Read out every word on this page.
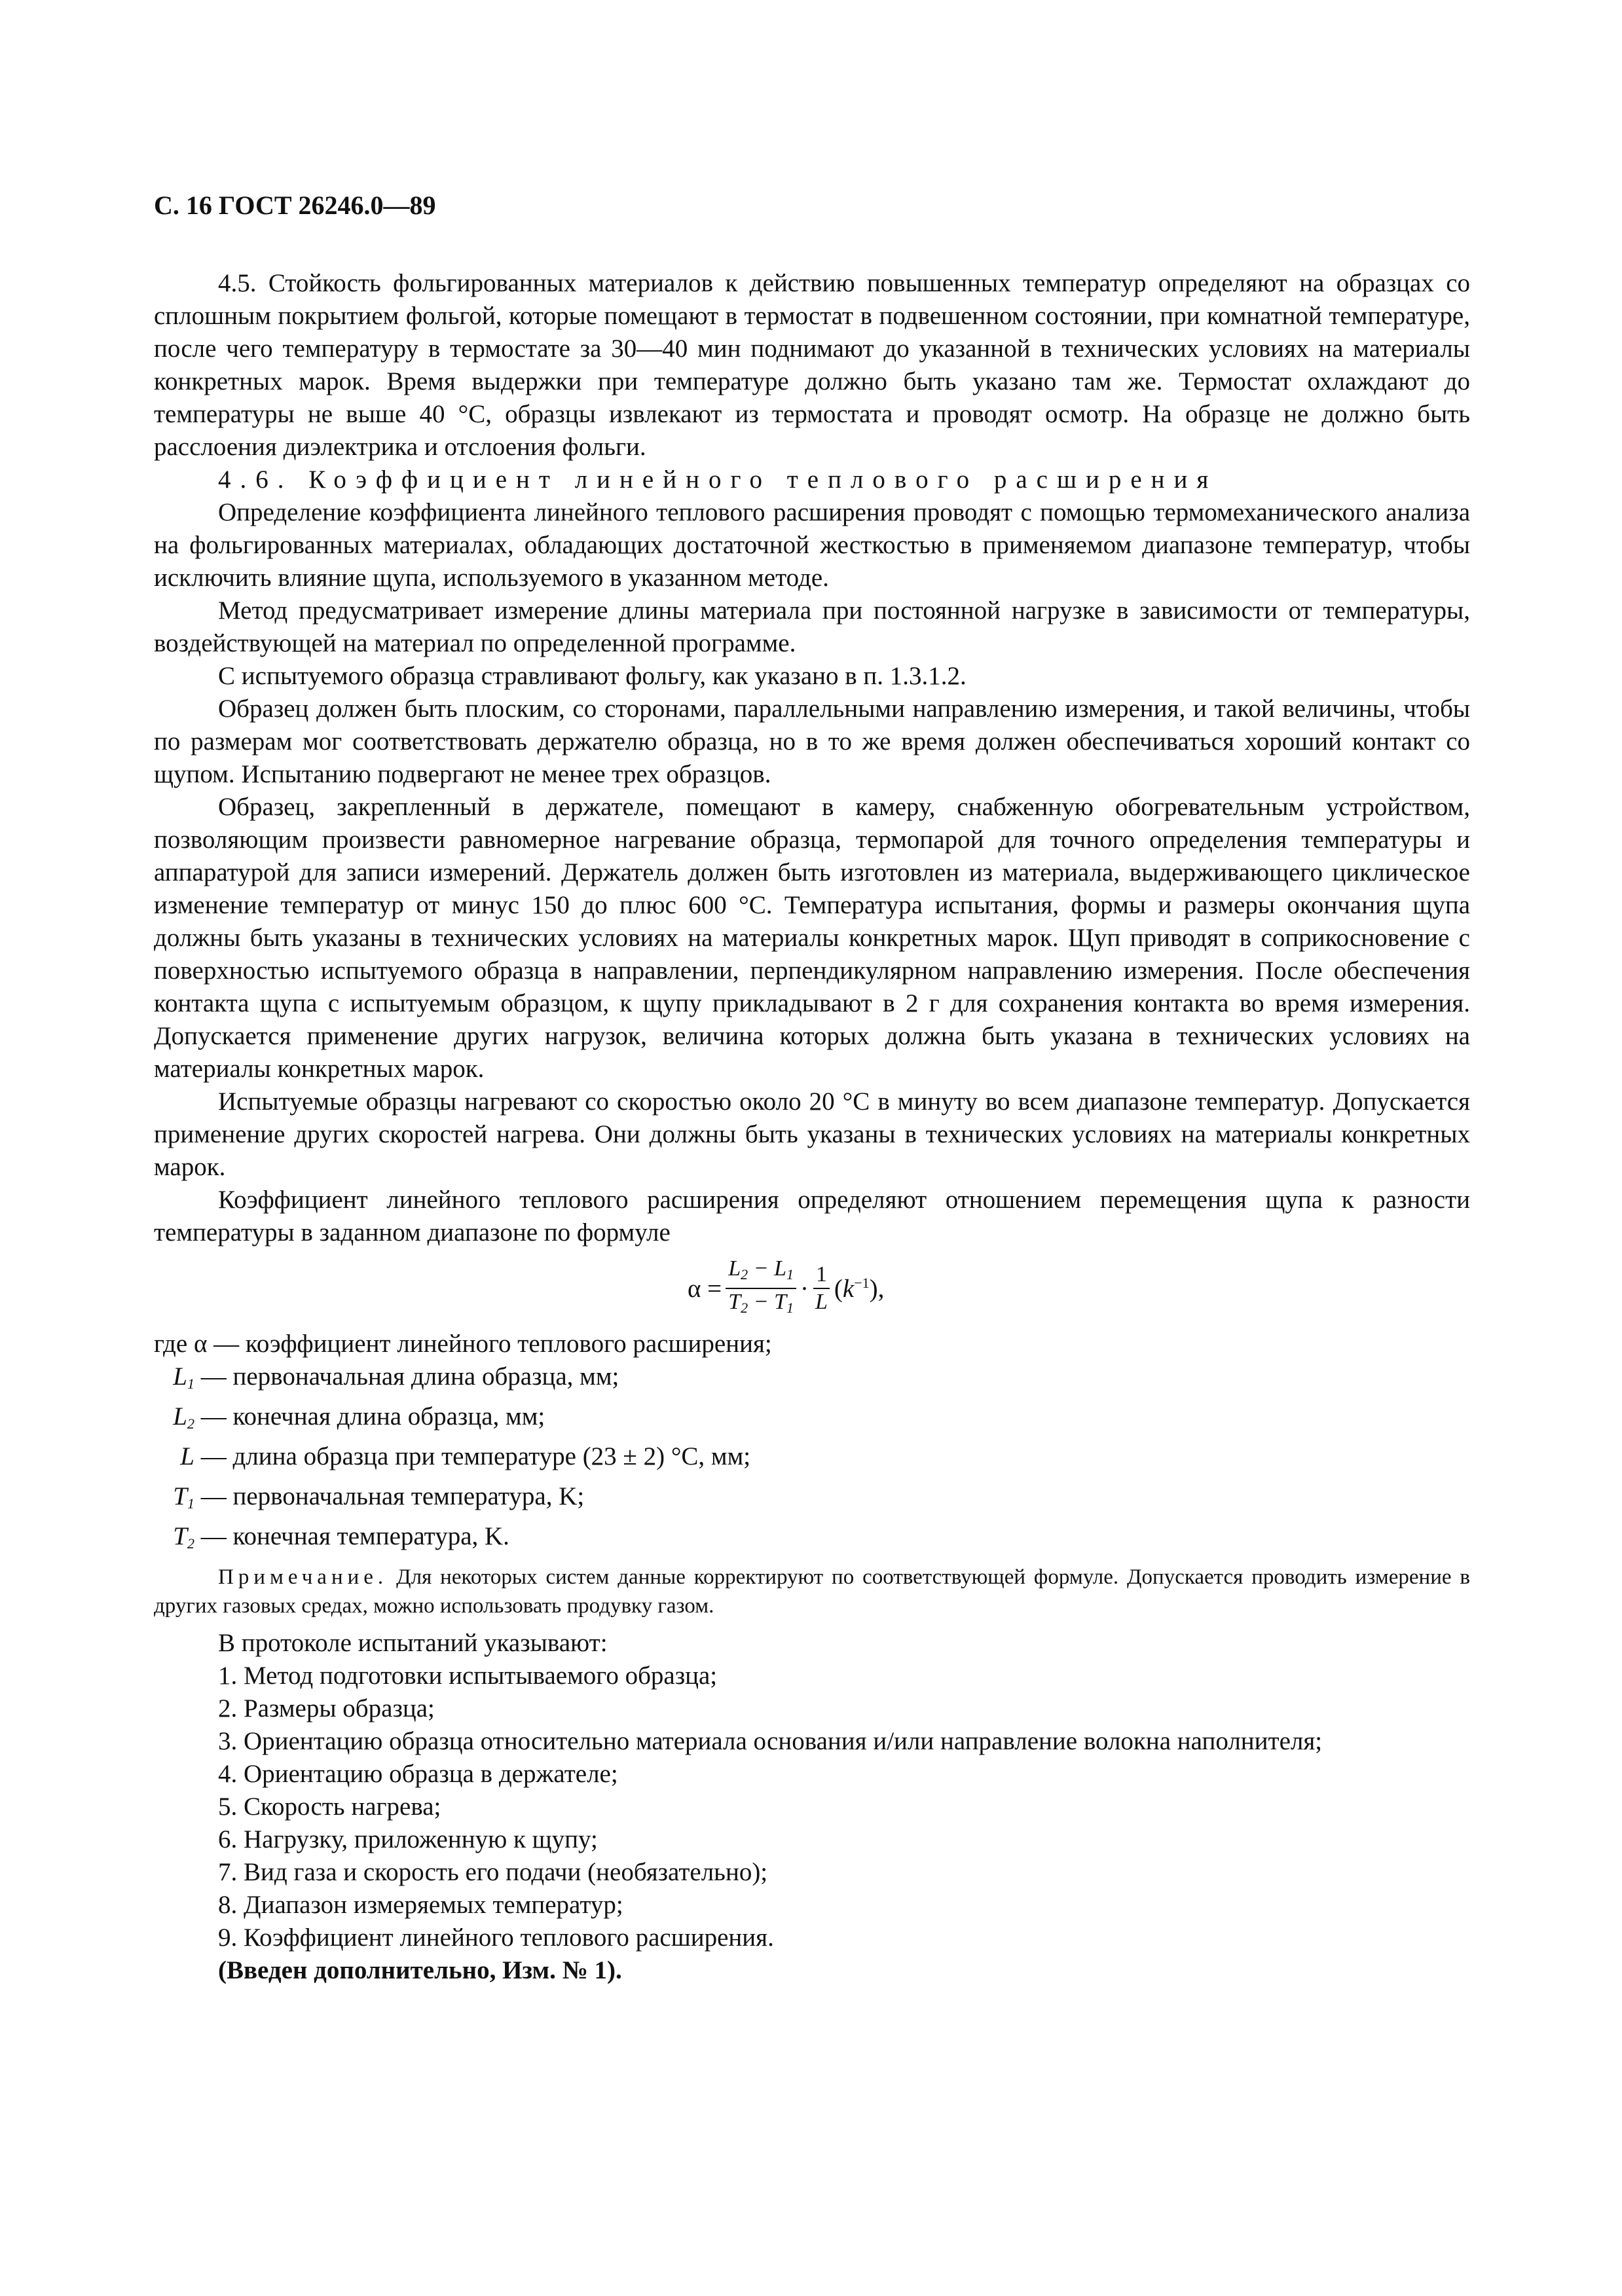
С. 16 ГОСТ 26246.0—89

4.5. Стойкость фольгированных материалов к действию повышенных температур определяют на образцах со сплошным покрытием фольгой, которые помещают в термостат в подвешенном состоянии, при комнатной температуре, после чего температуру в термостате за 30—40 мин поднимают до указанной в технических условиях на материалы конкретных марок. Время выдержки при температуре должно быть указано там же. Термостат охлаждают до температуры не выше 40 °С, образцы извлекают из термостата и проводят осмотр. На образце не должно быть расслоения диэлектрика и отслоения фольги.

4.6. Коэффициент линейного теплового расширения

Определение коэффициента линейного теплового расширения проводят с помощью термомеханического анализа на фольгированных материалах, обладающих достаточной жесткостью в применяемом диапазоне температур, чтобы исключить влияние щупа, используемого в указанном методе.

Метод предусматривает измерение длины материала при постоянной нагрузке в зависимости от температуры, воздействующей на материал по определенной программе.

С испытуемого образца стравливают фольгу, как указано в п. 1.3.1.2.

Образец должен быть плоским, со сторонами, параллельными направлению измерения, и такой величины, чтобы по размерам мог соответствовать держателю образца, но в то же время должен обеспечиваться хороший контакт со щупом. Испытанию подвергают не менее трех образцов.

Образец, закрепленный в держателе, помещают в камеру, снабженную обогревательным устройством, позволяющим произвести равномерное нагревание образца, термопарой для точного определения температуры и аппаратурой для записи измерений. Держатель должен быть изготовлен из материала, выдерживающего циклическое изменение температур от минус 150 до плюс 600 °С. Температура испытания, формы и размеры окончания щупа должны быть указаны в технических условиях на материалы конкретных марок. Щуп приводят в соприкосновение с поверхностью испытуемого образца в направлении, перпендикулярном направлению измерения. После обеспечения контакта щупа с испытуемым образцом, к щупу прикладывают в 2 г для сохранения контакта во время измерения. Допускается применение других нагрузок, величина которых должна быть указана в технических условиях на материалы конкретных марок.

Испытуемые образцы нагревают со скоростью около 20 °С в минуту во всем диапазоне температур. Допускается применение других скоростей нагрева. Они должны быть указаны в технических условиях на материалы конкретных марок.

Коэффициент линейного теплового расширения определяют отношением перемещения щупа к разности температуры в заданном диапазоне по формуле

$\alpha = \frac{L_2 - L_1}{T_2 - T_1} \cdot \frac{1}{L} (k^{-1})$,
где α — коэффициент линейного теплового расширения;
$L_1$ — первоначальная длина образца, мм;
$L_2$ — конечная длина образца, мм;
L — длина образца при температуре (23 ± 2) °С, мм;
$T_1$ — первоначальная температура, K;
$T_2$ — конечная температура, K.
Примечание. Для некоторых систем данные корректируют по соответствующей формуле. Допускается проводить измерение в других газовых средах, можно использовать продувку газом.

В протоколе испытаний указывают:

1. Метод подготовки испытываемого образца;

2. Размеры образца;

3. Ориентацию образца относительно материала основания и/или направление волокна наполнителя;

4. Ориентацию образца в держателе;

5. Скорость нагрева;

6. Нагрузку, приложенную к щупу;

7. Вид газа и скорость его подачи (необязательно);

8. Диапазон измеряемых температур;

9. Коэффициент линейного теплового расширения.

(Введен дополнительно, Изм. № 1).
